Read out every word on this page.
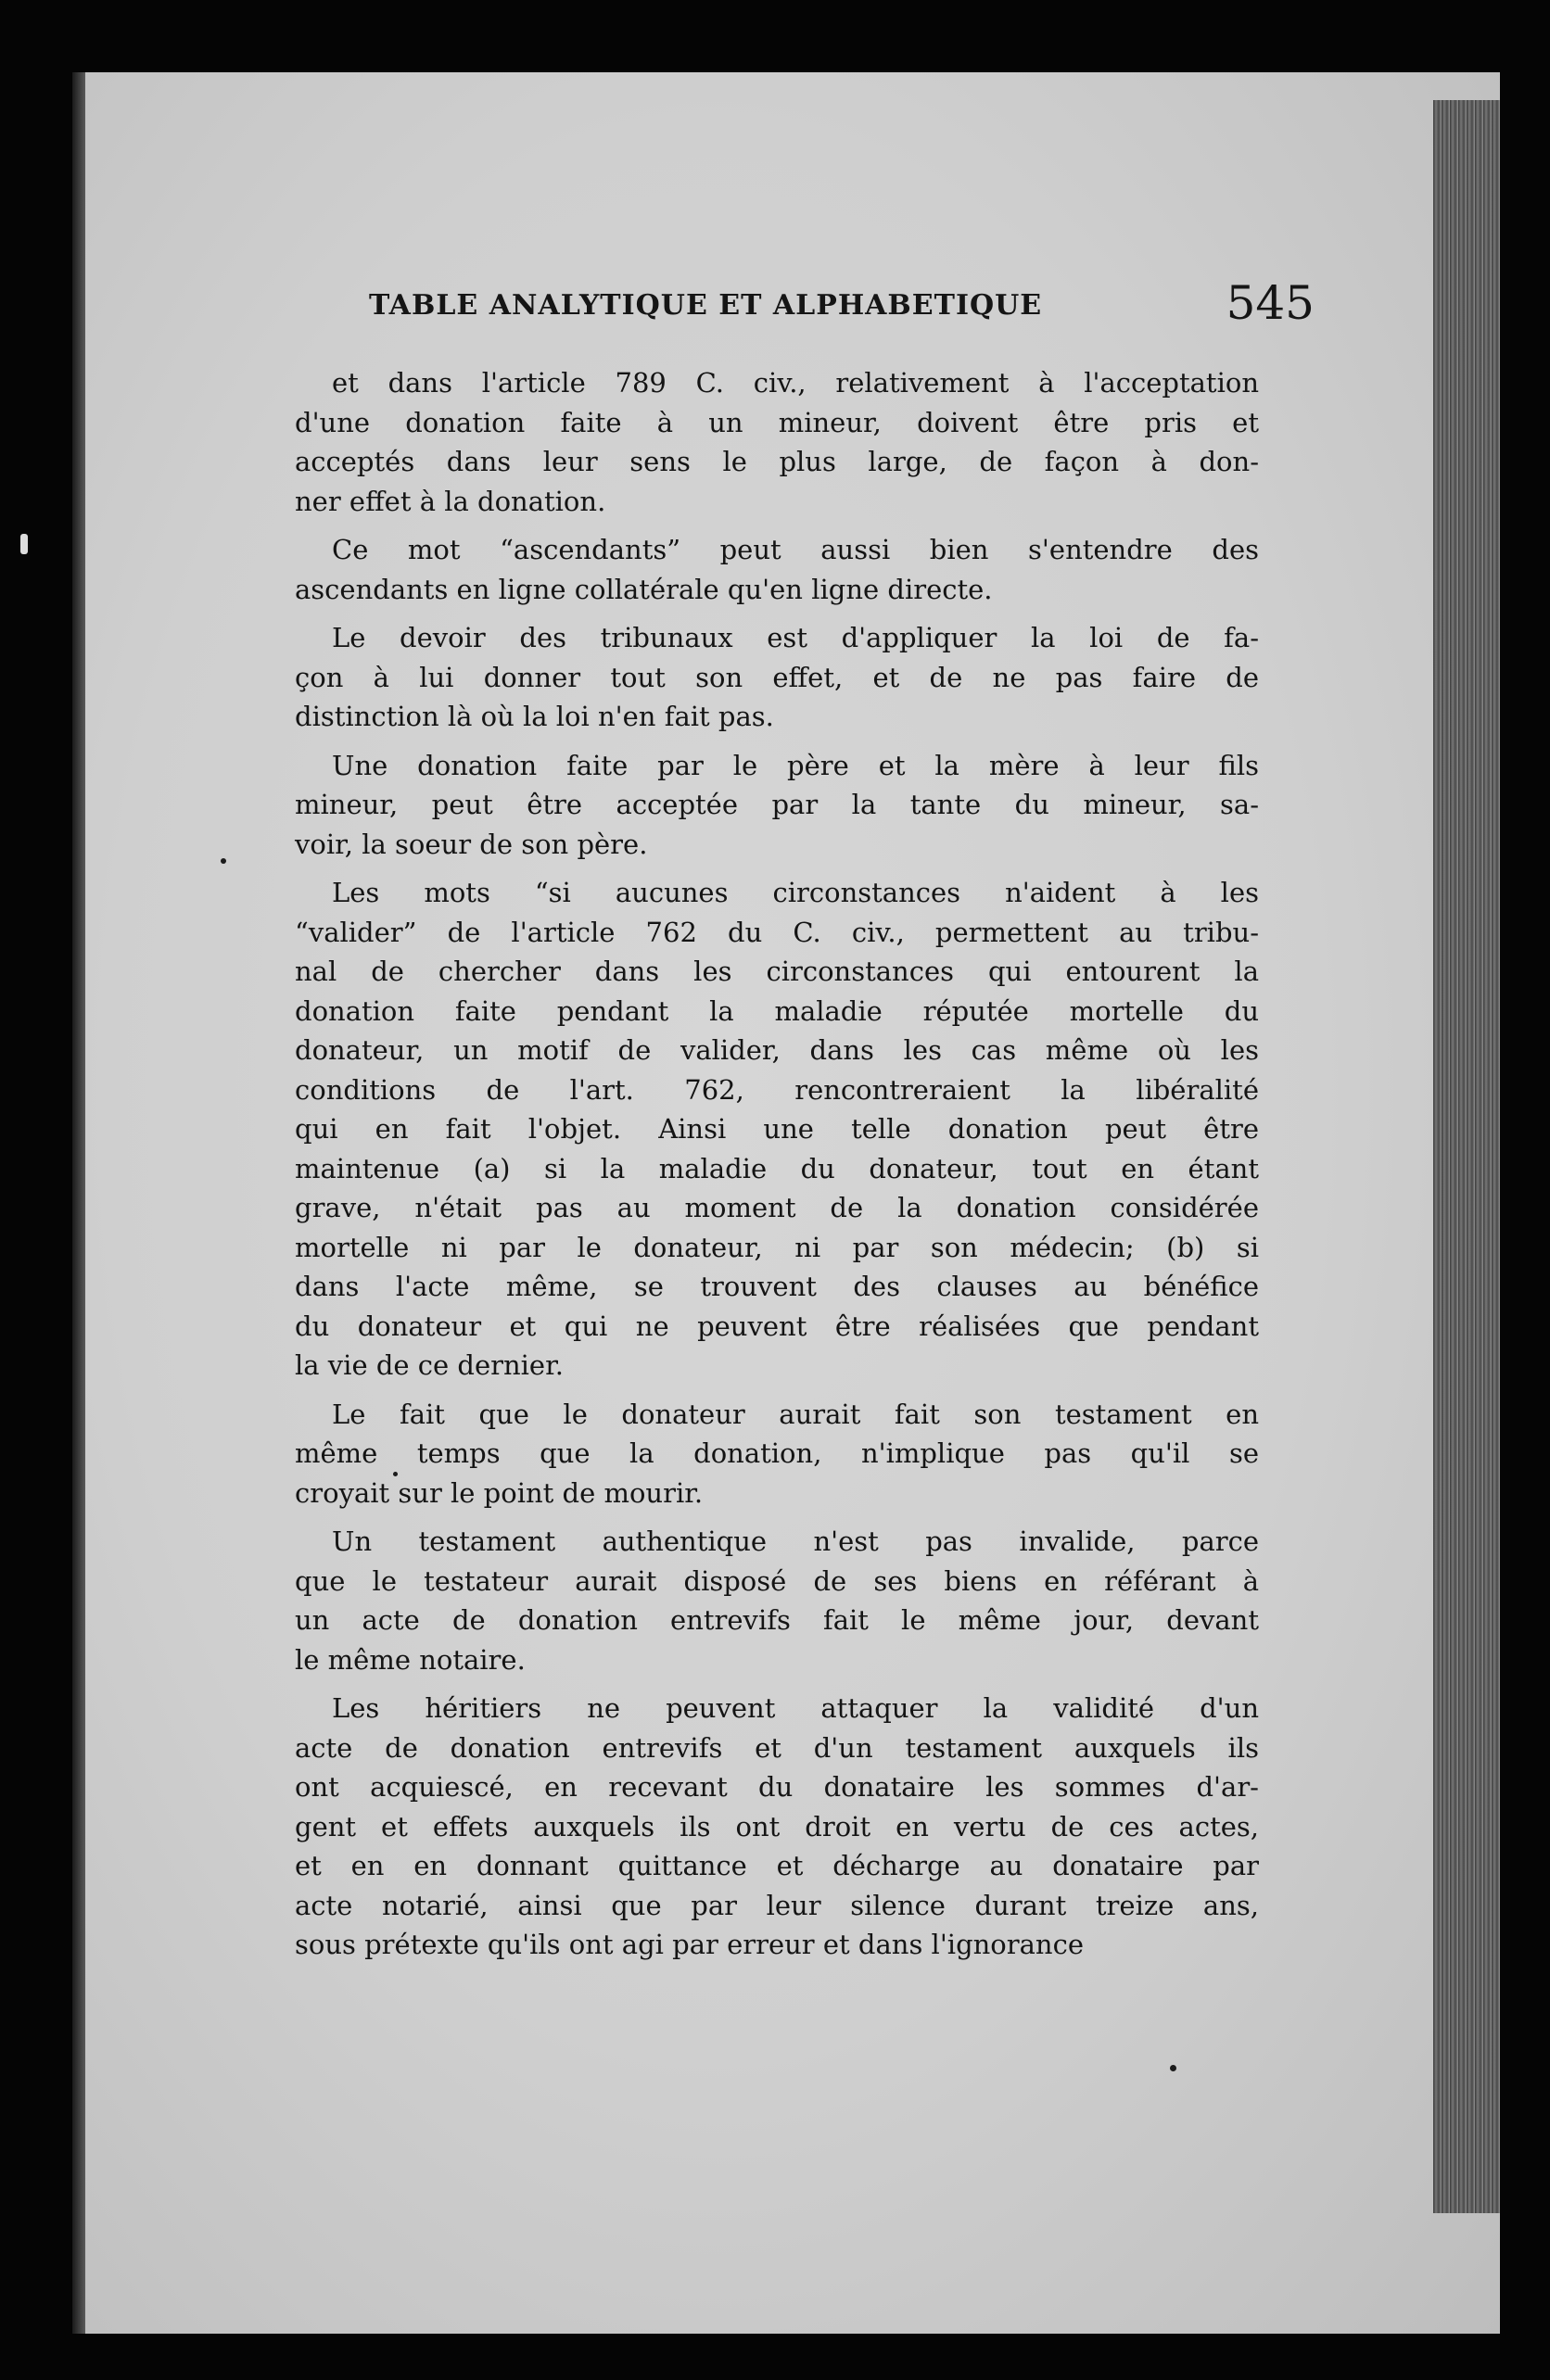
TABLE ANALYTIQUE ET ALPHABETIQUE	545
et dans l'article 789 C. civ., relativement à l'acceptation
d'une donation faite à un mineur, doivent être pris et
acceptés dans leur sens le plus large, de façon à don-
ner effet à la donation.
Ce mot “ascendants” peut aussi bien s'entendre des
ascendants en ligne collatérale qu'en ligne directe.
Le devoir des tribunaux est d'appliquer la loi de fa-
çon à lui donner tout son effet, et de ne pas faire de
distinction là où la loi n'en fait pas.
Une donation faite par le père et la mère à leur fils
mineur, peut être acceptée par la tante du mineur, sa-
voir, la soeur de son père.
Les mots “si aucunes circonstances n'aident à les
“valider” de l'article 762 du C. civ., permettent au tribu-
nal de chercher dans les circonstances qui entourent la
donation faite pendant la maladie réputée mortelle du
donateur, un motif de valider, dans les cas même où les
conditions de l'art. 762, rencontreraient la libéralité
qui en fait l'objet. Ainsi une telle donation peut être
maintenue (a) si la maladie du donateur, tout en étant
grave, n'était pas au moment de la donation considérée
mortelle ni par le donateur, ni par son médecin; (b) si
dans l'acte même, se trouvent des clauses au bénéfice
du donateur et qui ne peuvent être réalisées que pendant
la vie de ce dernier.
Le fait que le donateur aurait fait son testament en
même temps que la donation, n'implique pas qu'il se
croyait sur le point de mourir.
Un testament authentique n'est pas invalide, parce
que le testateur aurait disposé de ses biens en référant à
un acte de donation entrevifs fait le même jour, devant
le même notaire.
Les héritiers ne peuvent attaquer la validité d'un
acte de donation entrevifs et d'un testament auxquels ils
ont acquiescé, en recevant du donataire les sommes d'ar-
gent et effets auxquels ils ont droit en vertu de ces actes,
et en en donnant quittance et décharge au donataire par
acte notarié, ainsi que par leur silence durant treize ans,
sous prétexte qu'ils ont agi par erreur et dans l'ignorance
